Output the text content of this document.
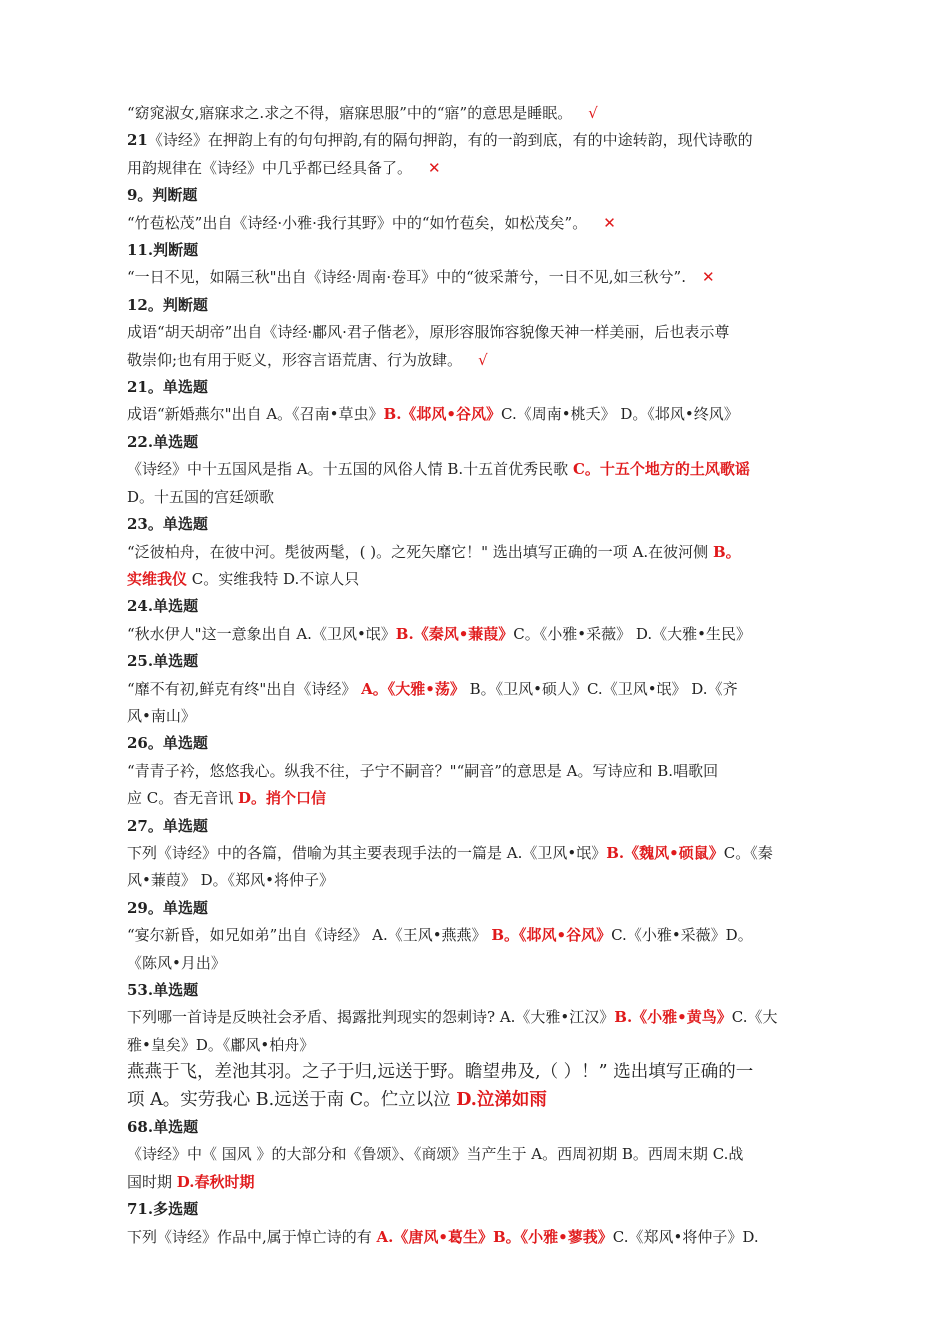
“窈窕淑女,寤寐求之.求之不得，寤寐思服”中的“寤”的意思是睡眠。 √
21《诗经》在押韵上有的句句押韵,有的隔句押韵，有的一韵到底，有的中途转韵，现代诗歌的
用韵规律在《诗经》中几乎都已经具备了。 ✕
9。判断题
“竹苞松茂”出自《诗经·小雅·我行其野》中的“如竹苞矣，如松茂矣”。 ✕
11.判断题
“一日不见，如隔三秋"出自《诗经·周南·卷耳》中的“彼采萧兮，一日不见,如三秋兮”. ✕
12。判断题
成语“胡天胡帝”出自《诗经·鄘风·君子偕老》，原形容服饰容貌像天神一样美丽，后也表示尊
敬崇仰;也有用于贬义，形容言语荒唐、行为放肆。 √
21。单选题
成语“新婚燕尔"出自 A。《召南•草虫》B.《邶风•谷风》C.《周南•桃夭》 D。《邶风•终风》
22.单选题
《诗经》中十五国风是指 A。十五国的风俗人情 B.十五首优秀民歌 C。十五个地方的土风歌谣
D。十五国的宫廷颂歌
23。单选题
“泛彼柏舟，在彼中河。髧彼两髦，( )。之死矢靡它！" 选出填写正确的一项 A.在彼河侧 B。
实维我仪 C。实维我特 D.不谅人只
24.单选题
“秋水伊人"这一意象出自 A.《卫风•氓》B.《秦风•蒹葭》C。《小雅•采薇》 D.《大雅•生民》
25.单选题
“靡不有初,鲜克有终"出自《诗经》 A。《大雅•荡》 B。《卫风•硕人》C.《卫风•氓》 D.《齐
风•南山》
26。单选题
“青青子衿，悠悠我心。纵我不往，子宁不嗣音？"“嗣音”的意思是 A。写诗应和 B.唱歌回
应 C。杳无音讯 D。捎个口信
27。单选题
下列《诗经》中的各篇，借喻为其主要表现手法的一篇是 A.《卫风•氓》B.《魏风•硕鼠》C。《秦
风•蒹葭》 D。《郑风•将仲子》
29。单选题
“宴尔新昏，如兄如弟”出自《诗经》 A.《王风•燕燕》 B。《邶风•谷风》C.《小雅•采薇》D。
《陈风•月出》
53.单选题
下列哪一首诗是反映社会矛盾、揭露批判现实的怨刺诗? A.《大雅•江汉》B.《小雅•黄鸟》C.《大
雅•皇矣》D。《鄘风•柏舟》
燕燕于飞，差池其羽。之子于归,远送于野。瞻望弗及,（ ）！” 选出填写正确的一
项 A。实劳我心 B.远送于南 C。伫立以泣 D.泣涕如雨
68.单选题
《诗经》中《 国风 》的大部分和《鲁颂》、《商颂》当产生于 A。西周初期 B。西周末期 C.战
国时期 D.春秋时期
71.多选题
下列《诗经》作品中,属于悼亡诗的有 A.《唐风•葛生》B。《小雅•蓼莪》C.《郑风•将仲子》D.
